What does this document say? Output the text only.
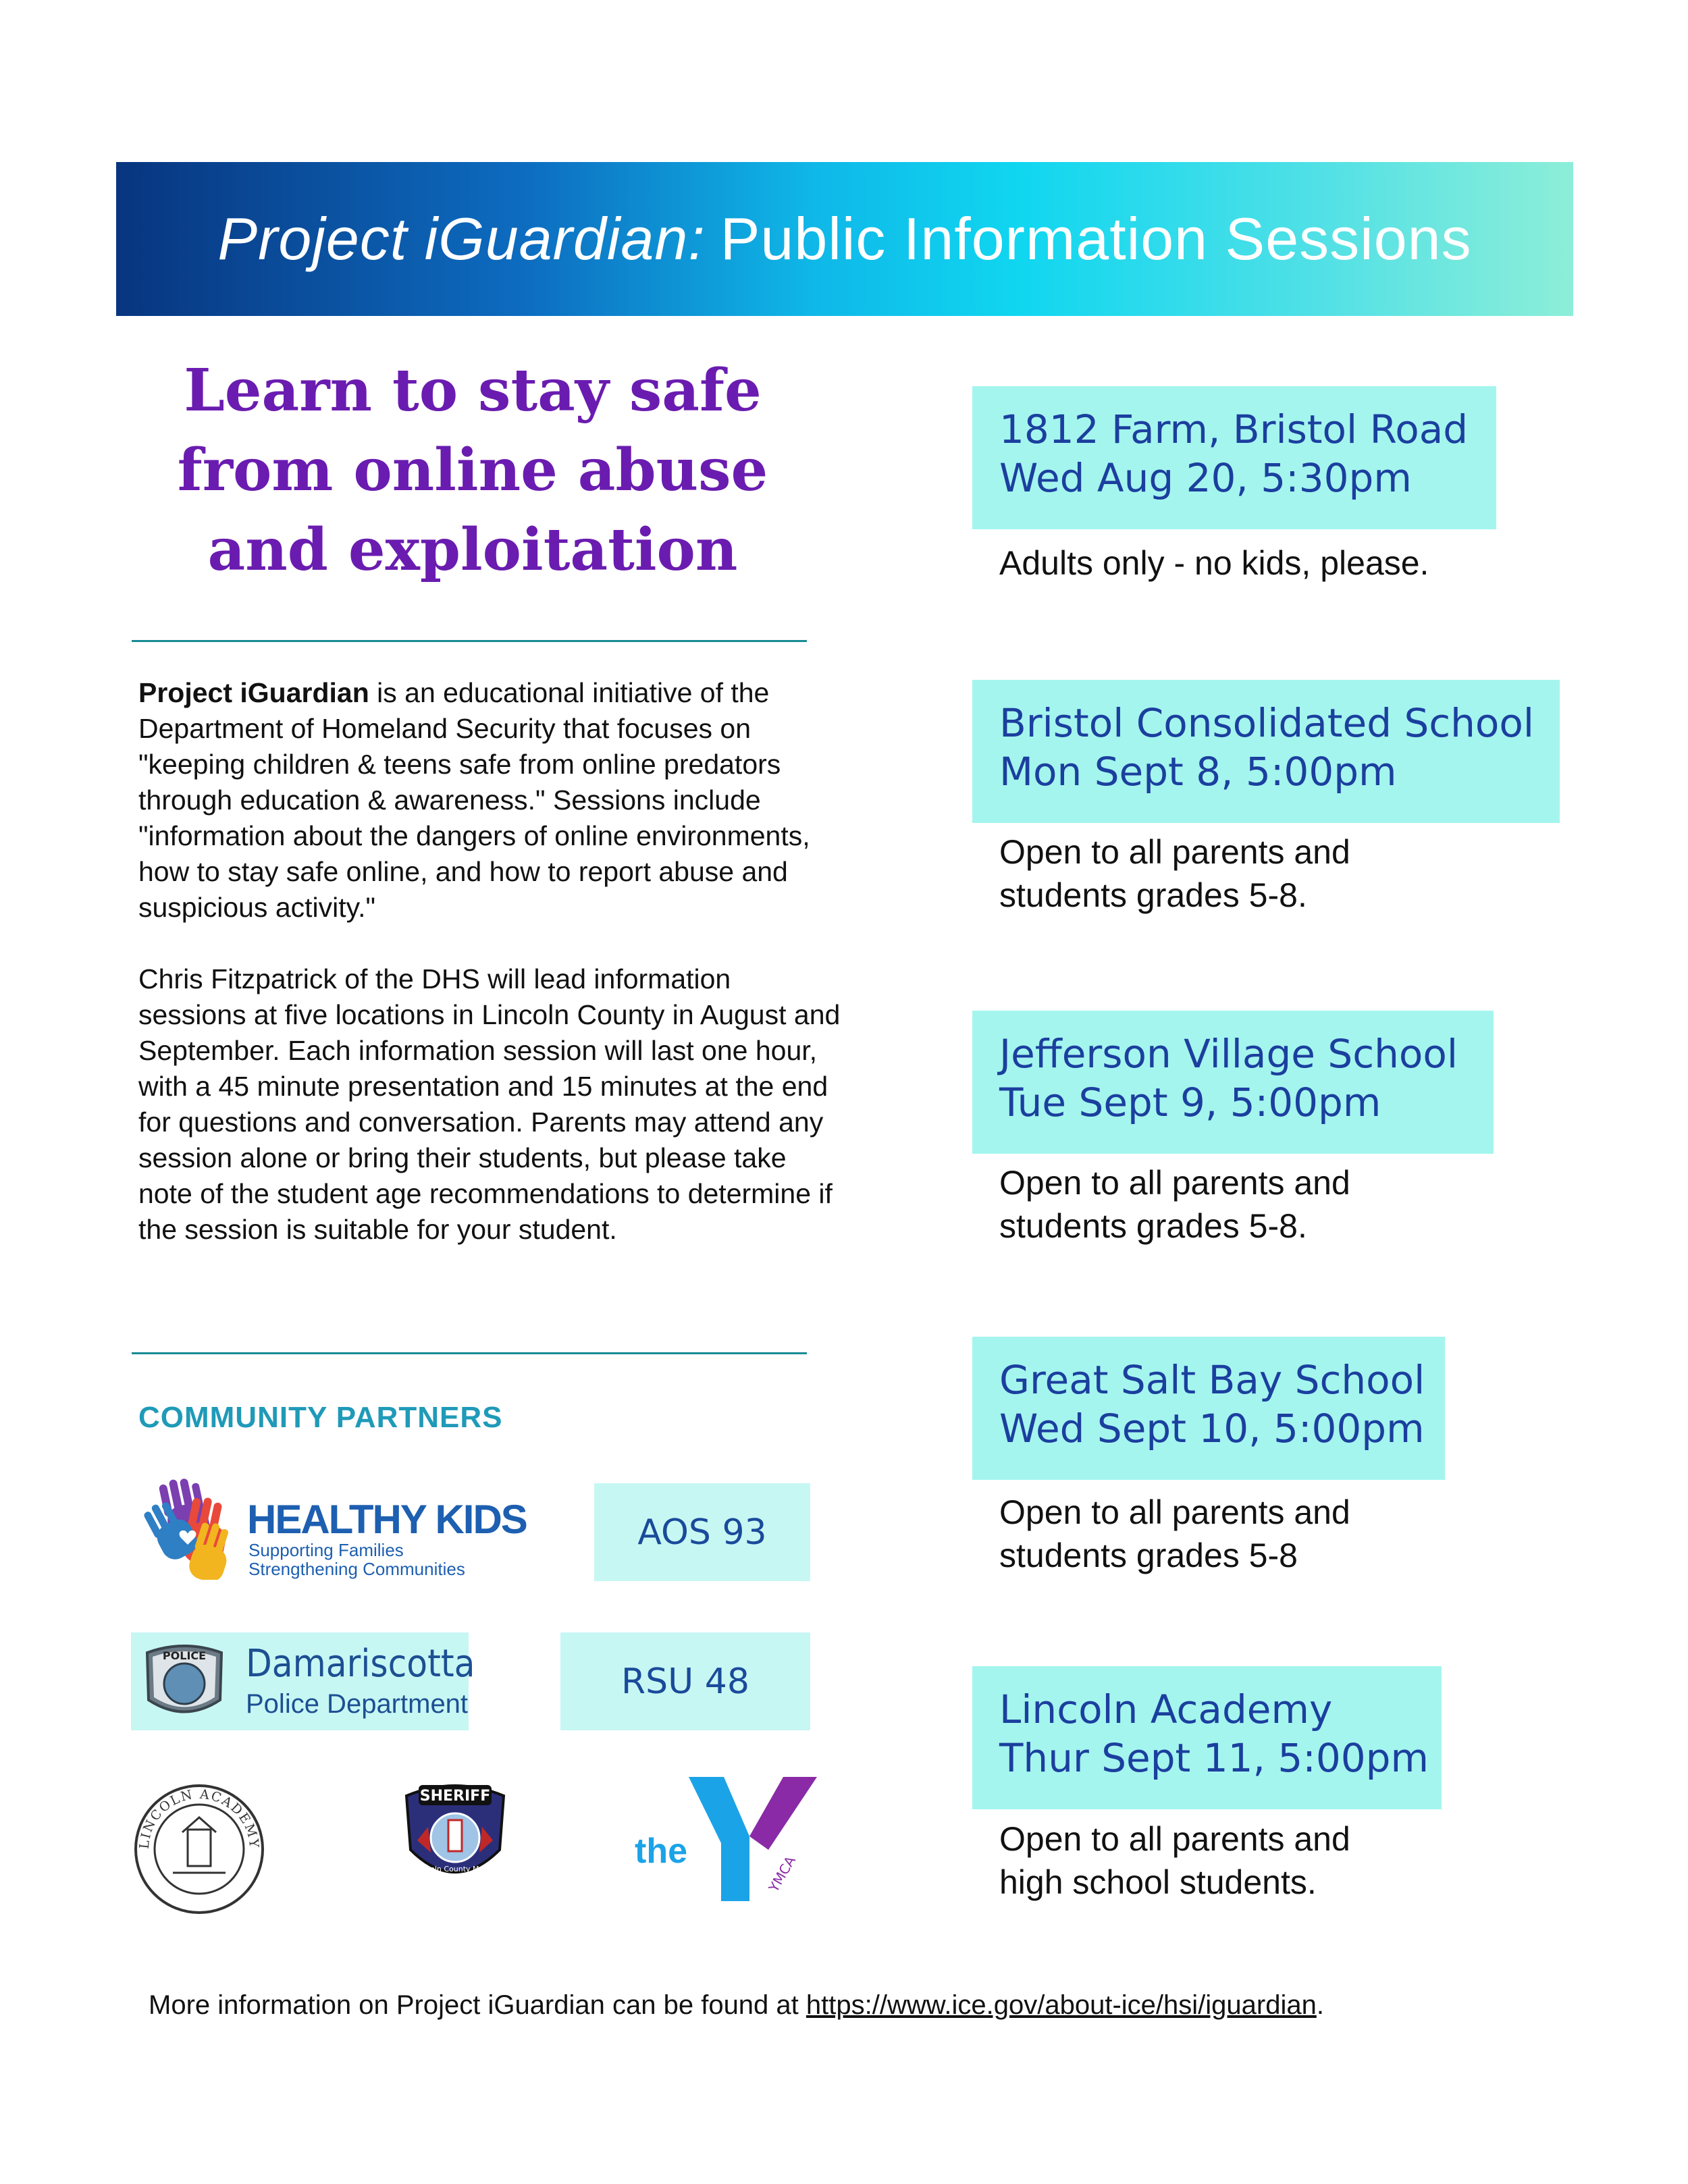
Project iGuardian: Public Information Sessions
Learn to stay safe
from online abuse
and exploitation

Project iGuardian is an educational initiative of the Department of Homeland Security that focuses on "keeping children & teens safe from online predators through education & awareness." Sessions include "information about the dangers of online environments, how to stay safe online, and how to report abuse and suspicious activity."

Chris Fitzpatrick of the DHS will lead information sessions at five locations in Lincoln County in August and September. Each information session will last one hour, with a 45 minute presentation and 15 minutes at the end for questions and conversation. Parents may attend any session alone or bring their students, but please take note of the student age recommendations to determine if the session is suitable for your student.

COMMUNITY PARTNERS
HEALTHY KIDS
Supporting Families
Strengthening Communities
AOS 93
POLICE Damariscotta
Police Department
RSU 48
LINCOLN ACADEMY
SHERIFF
Lincoln County Maine	YMCA
the
1812 Farm, Bristol Road
Wed Aug 20, 5:30pm
Adults only - no kids, please.
Bristol Consolidated School
Mon Sept 8, 5:00pm
Open to all parents and
students grades 5-8.
Jefferson Village School
Tue Sept 9, 5:00pm
Open to all parents and
students grades 5-8.
Great Salt Bay School
Wed Sept 10, 5:00pm
Open to all parents and
students grades 5-8
Lincoln Academy
Thur Sept 11, 5:00pm
Open to all parents and
high school students.
More information on Project iGuardian can be found at https://www.ice.gov/about-ice/hsi/iguardian.
